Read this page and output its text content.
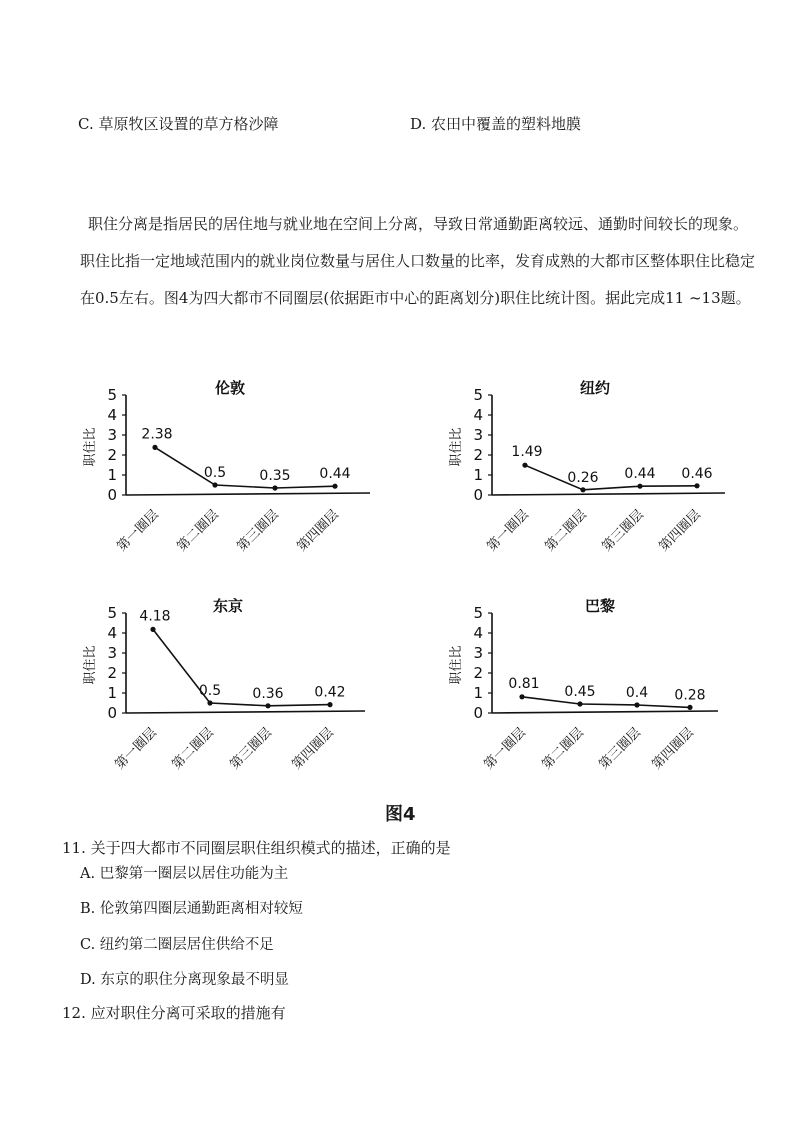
C. 草原牧区设置的草方格沙障	D. 农田中覆盖的塑料地膜
职住分离是指居民的居住地与就业地在空间上分离，导致日常通勤距离较远、通勤时间较长的现象。职住比指一定地域范围内的就业岗位数量与居住人口数量的比率，发育成熟的大都市区整体职住比稳定在0.5左右。图4为四大都市不同圈层(依据距市中心的距离划分)职住比统计图。据此完成11 ~13题。
伦敦
职住比
0
1
2
3
4
5
2.38
0.5 0.35 0.44
第一圈层 第二圈层 第三圈层 第四圈层
纽约
职住比
0
1
2
3
4
5
1.49
0.26 0.44 0.46
第一圈层 第二圈层 第三圈层 第四圈层
东京
职住比
0
1
2
3
4
5 4.18
0.5 0.36 0.42
第一圈层 第二圈层 第三圈层 第四圈层
巴黎
职住比
0
1
2
3
4
5
0.81
0.45 0.4 0.28
第一圈层 第二圈层 第三圈层 第四圈层
图4
11. 关于四大都市不同圈层职住组织模式的描述，正确的是
A. 巴黎第一圈层以居住功能为主
B. 伦敦第四圈层通勤距离相对较短
C. 纽约第二圈层居住供给不足
D. 东京的职住分离现象最不明显
12. 应对职住分离可采取的措施有
